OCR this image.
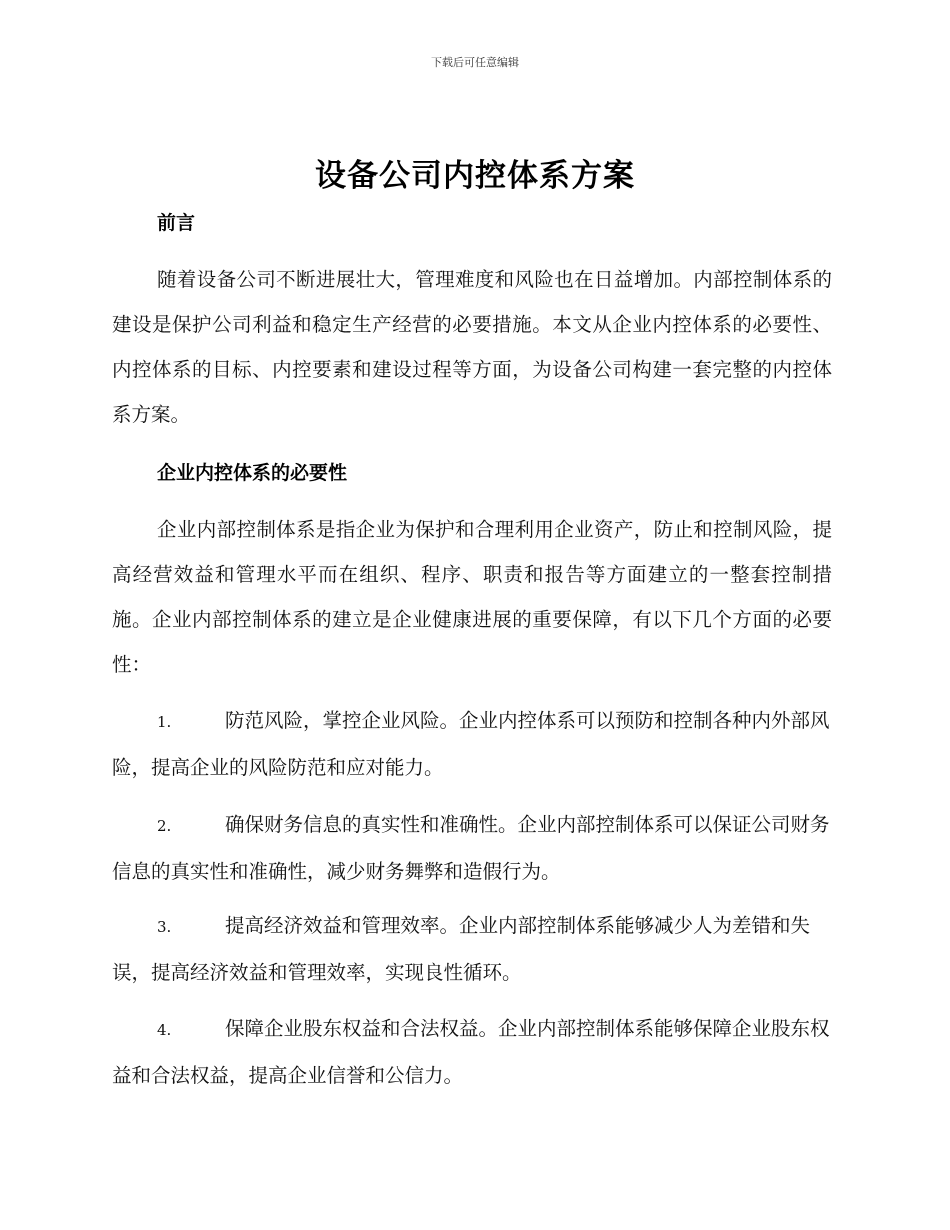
下载后可任意编辑
设备公司内控体系方案
前言
随着设备公司不断进展壮大，管理难度和风险也在日益增加。内部控制体系的建设是保护公司利益和稳定生产经营的必要措施。本文从企业内控体系的必要性、内控体系的目标、内控要素和建设过程等方面，为设备公司构建一套完整的内控体系方案。
企业内控体系的必要性
企业内部控制体系是指企业为保护和合理利用企业资产，防止和控制风险，提高经营效益和管理水平而在组织、程序、职责和报告等方面建立的一整套控制措施。企业内部控制体系的建立是企业健康进展的重要保障，有以下几个方面的必要性：
1.	防范风险，掌控企业风险。企业内控体系可以预防和控制各种内外部风险，提高企业的风险防范和应对能力。
2.	确保财务信息的真实性和准确性。企业内部控制体系可以保证公司财务信息的真实性和准确性，减少财务舞弊和造假行为。
3.	提高经济效益和管理效率。企业内部控制体系能够减少人为差错和失误，提高经济效益和管理效率，实现良性循环。
4.	保障企业股东权益和合法权益。企业内部控制体系能够保障企业股东权益和合法权益，提高企业信誉和公信力。
